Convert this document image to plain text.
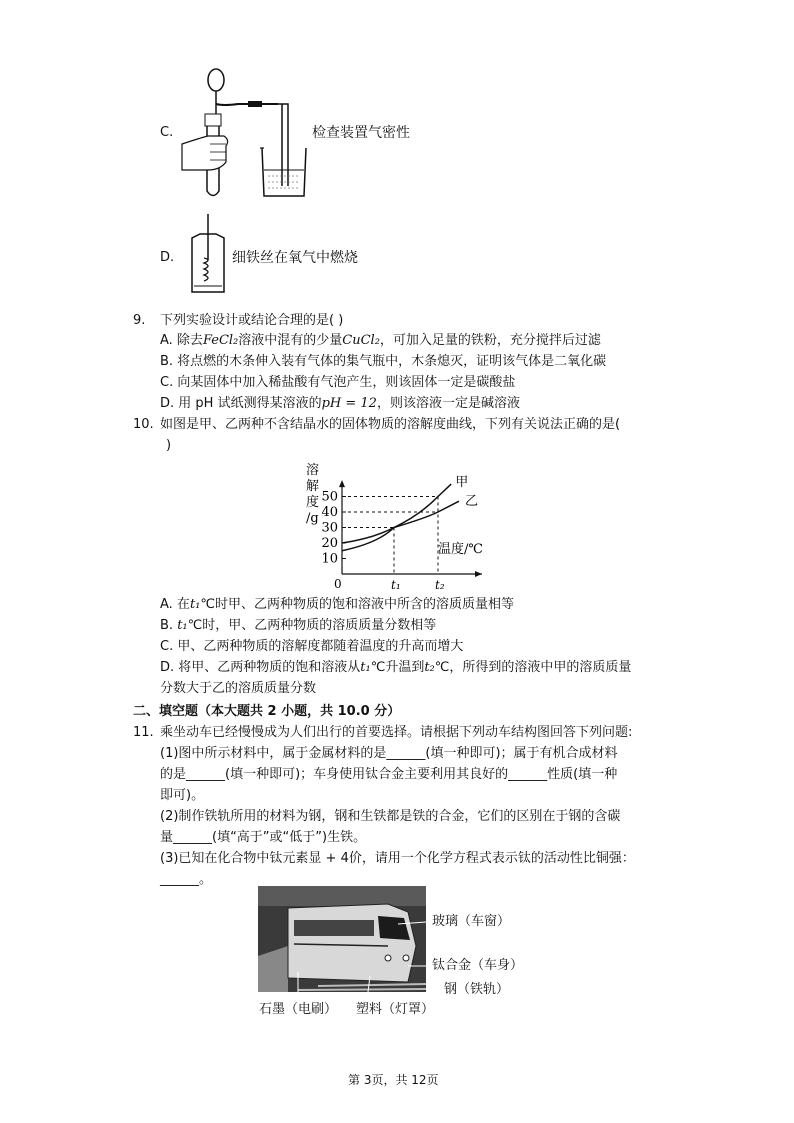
C.	检查装置气密性
D.	细铁丝在氧气中燃烧
9. 下列实验设计或结论合理的是( )
A. 除去FeCl₂溶液中混有的少量CuCl₂，可加入足量的铁粉，充分搅拌后过滤
B. 将点燃的木条伸入装有气体的集气瓶中，木条熄灭，证明该气体是二氧化碳
C. 向某固体中加入稀盐酸有气泡产生，则该固体一定是碳酸盐
D. 用 pH 试纸测得某溶液的pH = 12，则该溶液一定是碱溶液
10. 如图是甲、乙两种不含结晶水的固体物质的溶解度曲线，下列有关说法正确的是(
)
溶解度/g
10
20
30
40
50
0	t₁	t₂
温度/℃
甲
乙
A. 在t₁℃时甲、乙两种物质的饱和溶液中所含的溶质质量相等
B. t₁℃时，甲、乙两种物质的溶质质量分数相等
C. 甲、乙两种物质的溶解度都随着温度的升高而增大
D. 将甲、乙两种物质的饱和溶液从t₁℃升温到t₂℃，所得到的溶液中甲的溶质质量
分数大于乙的溶质质量分数
二、填空题（本大题共 2 小题，共 10.0 分）
11. 乘坐动车已经慢慢成为人们出行的首要选择。请根据下列动车结构图回答下列问题:
(1)图中所示材料中，属于金属材料的是______(填一种即可)；属于有机合成材料
的是______(填一种即可)；车身使用钛合金主要利用其良好的______性质(填一种
即可)。
(2)制作铁轨所用的材料为钢，钢和生铁都是铁的合金，它们的区别在于钢的含碳
量______(填“高于”或“低于”)生铁。
(3)已知在化合物中钛元素显 + 4价，请用一个化学方程式表示钛的活动性比铜强：
______。
玻璃（车窗）
钛合金（车身）
钢（铁轨）
石墨（电刷） 塑料（灯罩）
第 3页，共 12页
